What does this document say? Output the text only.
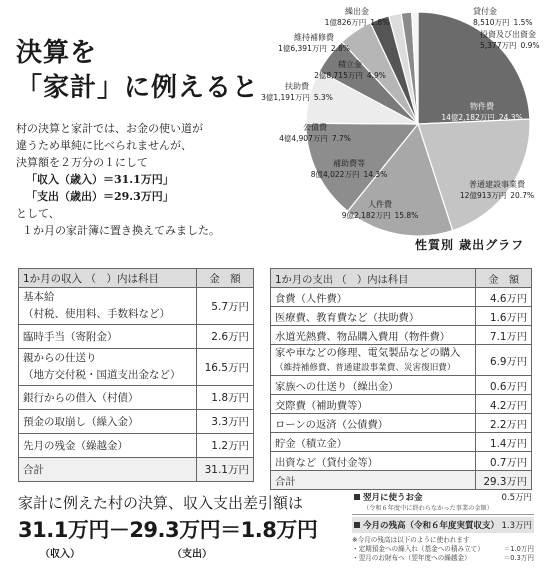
決算を
「家計」に例えると

村の決算と家計では、お金の使い道が

違うため単純に比べられませんが、

決算額を２万分の１にして

「収入（歳入）＝31.1万円」

「支出（歳出）＝29.3万円」

として、

１か月の家計簿に置き換えてみました。

物件費
14億2,182万円 24.3%
普通建設事業費
12億913万円 20.7%
人件費
9億2,182万円 15.8%
補助費等
8億4,022万円 14.3%
公債費
4億4,907万円 7.7%
扶助費
3億1,191万円 5.3%
積立金
2億8,715万円 4.9%
維持補修費
1億6,391万円 2.8%
繰出金
1億826万円 1.8%
貸付金
8,510万円 1.5%
投資及び出資金
5,377万円 0.9%
性質別 歳出グラフ
1か月の収入 （　）内は科目	金　額
基本給
（村税、使用料、手数料など）	5.7万円
臨時手当（寄附金）	2.6万円
親からの仕送り
（地方交付税・国道支出金など）	16.5万円
銀行からの借入（村債）	1.8万円
預金の取崩し（繰入金）	3.3万円
先月の残金（繰越金）	1.2万円
合計	31.1万円
1か月の支出 （　）内は科目	金　額
食費（人件費）	4.6万円
医療費、教育費など（扶助費）	1.6万円
水道光熱費、物品購入費用（物件費）	7.1万円
家や車などの修理、電気製品などの購入
（維持補修費、普通建設事業費、災害復旧費）	6.9万円
家族への仕送り（繰出金）	0.6万円
交際費（補助費等）	4.2万円
ローンの返済（公債費）	2.2万円
貯金（積立金）	1.4万円
出資など（貸付金等）	0.7万円
合計	29.3万円

家計に例えた村の決算、収入支出差引額は

31.1万円－29.3万円＝1.8万円

（収入）	（支出）
翌月に使うお金
（令和６年度中に終わらなかった事業の金額）
0.5万円
今月の残高（令和６年度実質収支） 1.3万円
※今月の残高は以下のように使われます
・定期預金への繰入れ（基金への積み立て）	＝1.0万円
・翌月のお財布へ（翌年度への繰越金）	＝0.3万円
